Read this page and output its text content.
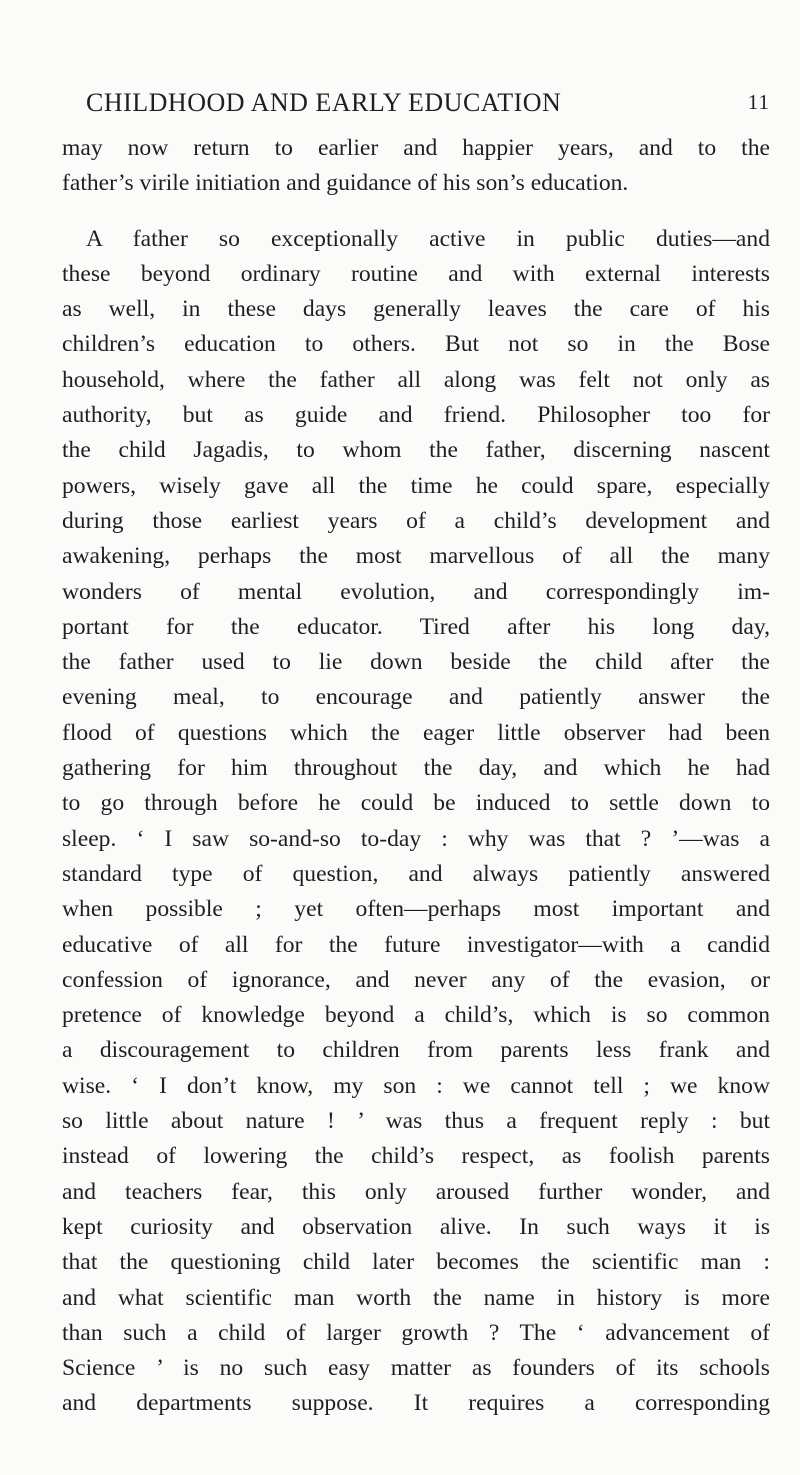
CHILDHOOD AND EARLY EDUCATION	11
may now return to earlier and happier years, and to the
father’s virile initiation and guidance of his son’s education.
A father so exceptionally active in public duties—and
these beyond ordinary routine and with external interests
as well, in these days generally leaves the care of his
children’s education to others. But not so in the Bose
household, where the father all along was felt not only as
authority, but as guide and friend. Philosopher too for
the child Jagadis, to whom the father, discerning nascent
powers, wisely gave all the time he could spare, especially
during those earliest years of a child’s development and
awakening, perhaps the most marvellous of all the many
wonders of mental evolution, and correspondingly im-
portant for the educator. Tired after his long day,
the father used to lie down beside the child after the
evening meal, to encourage and patiently answer the
flood of questions which the eager little observer had been
gathering for him throughout the day, and which he had
to go through before he could be induced to settle down to
sleep. ‘ I saw so-and-so to-day : why was that ? ’—was a
standard type of question, and always patiently answered
when possible ; yet often—perhaps most important and
educative of all for the future investigator—with a candid
confession of ignorance, and never any of the evasion, or
pretence of knowledge beyond a child’s, which is so common
a discouragement to children from parents less frank and
wise. ‘ I don’t know, my son : we cannot tell ; we know
so little about nature ! ’ was thus a frequent reply : but
instead of lowering the child’s respect, as foolish parents
and teachers fear, this only aroused further wonder, and
kept curiosity and observation alive. In such ways it is
that the questioning child later becomes the scientific man :
and what scientific man worth the name in history is more
than such a child of larger growth ? The ‘ advancement of
Science ’ is no such easy matter as founders of its schools
and departments suppose. It requires a corresponding
